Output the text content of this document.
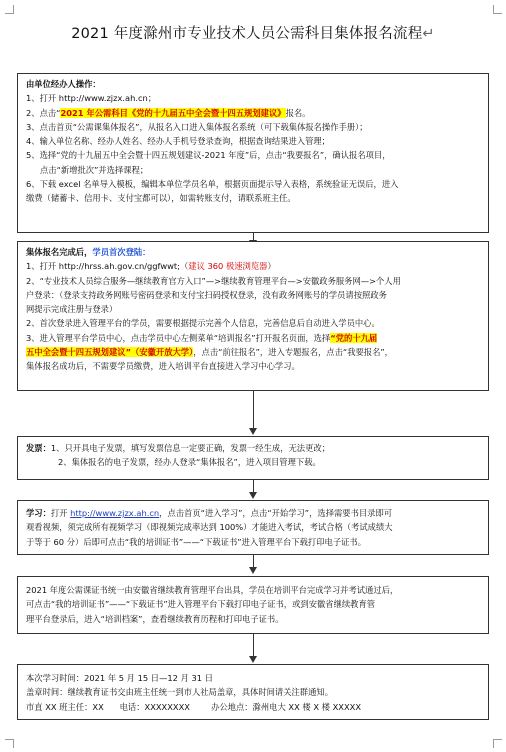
2021 年度滁州市专业技术人员公需科目集体报名流程↵

由单位经办人操作：

1、打开 http://www.zjzx.ah.cn；

2、点击“2021 年公需科目《党的十九届五中全会暨十四五规划建议》报名。

3、点击首页“公需课集体报名”，从报名入口进入集体报名系统（可下载集体报名操作手册）；

4、输入单位名称、经办人姓名、经办人手机号登录查询，根据查询结果进入管理；

5、选择“党的十九届五中全会暨十四五规划建议-2021 年度”后，点击“我要报名”，确认报名项目，

点击“新增批次”并选择课程；

6、下载 excel 名单导入模板，编辑本单位学员名单，根据页面提示导入表格，系统验证无误后，进入

缴费（储蓄卡、信用卡、支付宝都可以），如需转账支付，请联系班主任。

集体报名完成后，学员首次登陆：

1、打开 http://hrss.ah.gov.cn/ggfwwt;（建议 360 极速浏览器）

2、“专业技术人员综合服务—继续教育官方入口”—>继续教育管理平台—>安徽政务服务网—>个人用

户登录：（登录支持政务网账号密码登录和支付宝扫码授权登录，没有政务网账号的学员请按照政务

网提示完成注册与登录）

2、首次登录进入管理平台的学员，需要根据提示完善个人信息，完善信息后自动进入学员中心。

3、进入管理平台学员中心，点击学员中心左侧菜单“培训报名”打开报名页面，选择“党的十九届

五中全会暨十四五规划建议”（安徽开放大学），点击“前往报名”，进入专题报名，点击“我要报名”，

集体报名成功后，不需要学员缴费，进入培训平台直接进入学习中心学习。

发票：1、只开具电子发票，填写发票信息一定要正确，发票一经生成，无法更改；

2、集体报名的电子发票，经办人登录“集体报名”，进入项目管理下载。

学习：打开 http://www.zjzx.ah.cn，点击首页“进入学习”，点击“开始学习”，选择需要书目录即可

观看视频，须完成所有视频学习（即视频完成率达到 100%）才能进入考试，考试合格（考试成绩大

于等于 60 分）后即可点击“我的培训证书”——“下载证书”进入管理平台下载打印电子证书。

2021 年度公需课证书统一由安徽省继续教育管理平台出具，学员在培训平台完成学习并考试通过后，

可点击“我的培训证书”——“下载证书”进入管理平台下载打印电子证书，或到安徽省继续教育管

理平台登录后，进入“培训档案”，查看继续教育历程和打印电子证书。

本次学习时间：2021 年 5 月 15 日—12 月 31 日

盖章时间：继续教育证书交由班主任统一到市人社局盖章，具体时间请关注群通知。

市直 XX 班主任：XX      电话：XXXXXXXX        办公地点：滁州电大 XX 楼 X 楼 XXXXX
